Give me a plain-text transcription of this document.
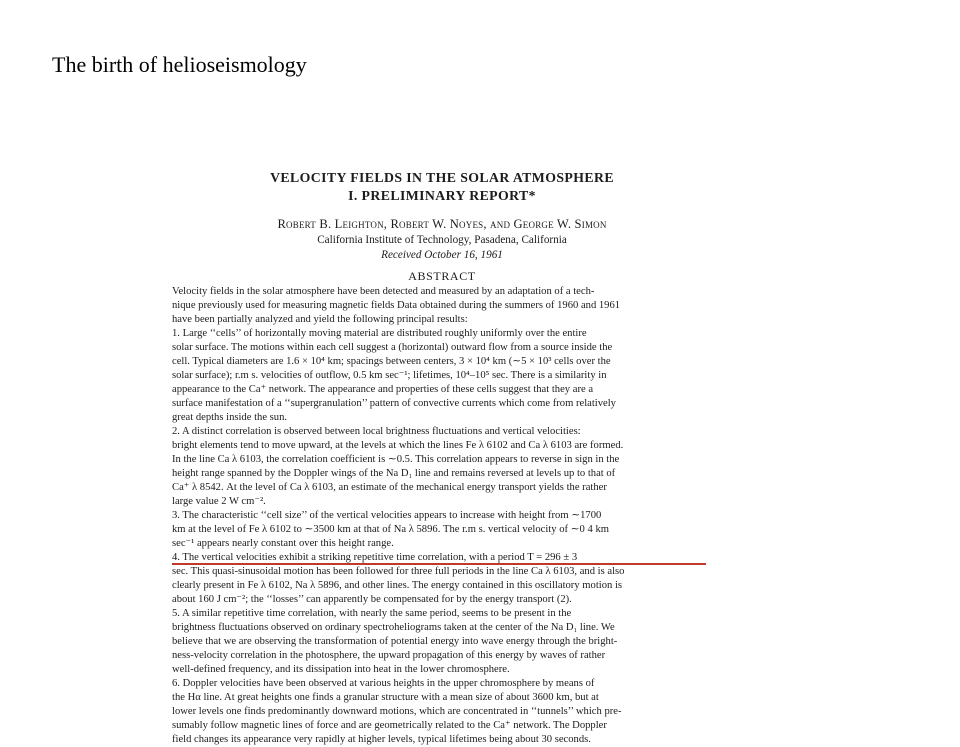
The birth of helioseismology
VELOCITY FIELDS IN THE SOLAR ATMOSPHERE
I. PRELIMINARY REPORT*
Robert B. Leighton, Robert W. Noyes, and George W. Simon
California Institute of Technology, Pasadena, California
Received October 16, 1961
ABSTRACT
Velocity fields in the solar atmosphere have been detected and measured by an adaptation of a tech-
nique previously used for measuring magnetic fields Data obtained during the summers of 1960 and 1961
have been partially analyzed and yield the following principal results:
1. Large ‘‘cells’’ of horizontally moving material are distributed roughly uniformly over the entire
solar surface. The motions within each cell suggest a (horizontal) outward flow from a source inside the
cell. Typical diameters are 1.6 × 10⁴ km; spacings between centers, 3 × 10⁴ km (∼5 × 10³ cells over the
solar surface); r.m s. velocities of outflow, 0.5 km sec⁻¹; lifetimes, 10⁴–10⁵ sec. There is a similarity in
appearance to the Ca⁺ network. The appearance and properties of these cells suggest that they are a
surface manifestation of a ‘‘supergranulation’’ pattern of convective currents which come from relatively
great depths inside the sun.
2. A distinct correlation is observed between local brightness fluctuations and vertical velocities:
bright elements tend to move upward, at the levels at which the lines Fe λ 6102 and Ca λ 6103 are formed.
In the line Ca λ 6103, the correlation coefficient is ∼0.5. This correlation appears to reverse in sign in the
height range spanned by the Doppler wings of the Na D₁ line and remains reversed at levels up to that of
Ca⁺ λ 8542. At the level of Ca λ 6103, an estimate of the mechanical energy transport yields the rather
large value 2 W cm⁻².
3. The characteristic ‘‘cell size’’ of the vertical velocities appears to increase with height from ∼1700
km at the level of Fe λ 6102 to ∼3500 km at that of Na λ 5896. The r.m s. vertical velocity of ∼0 4 km
sec⁻¹ appears nearly constant over this height range.
4. The vertical velocities exhibit a striking repetitive time correlation, with a period T = 296 ± 3
sec. This quasi-sinusoidal motion has been followed for three full periods in the line Ca λ 6103, and is also
clearly present in Fe λ 6102, Na λ 5896, and other lines. The energy contained in this oscillatory motion is
about 160 J cm⁻²; the ‘‘losses’’ can apparently be compensated for by the energy transport (2).
5. A similar repetitive time correlation, with nearly the same period, seems to be present in the
brightness fluctuations observed on ordinary spectroheliograms taken at the center of the Na D₁ line. We
believe that we are observing the transformation of potential energy into wave energy through the bright-
ness-velocity correlation in the photosphere, the upward propagation of this energy by waves of rather
well-defined frequency, and its dissipation into heat in the lower chromosphere.
6. Doppler velocities have been observed at various heights in the upper chromosphere by means of
the Hα line. At great heights one finds a granular structure with a mean size of about 3600 km, but at
lower levels one finds predominantly downward motions, which are concentrated in ‘‘tunnels’’ which pre-
sumably follow magnetic lines of force and are geometrically related to the Ca⁺ network. The Doppler
field changes its appearance very rapidly at higher levels, typical lifetimes being about 30 seconds.
